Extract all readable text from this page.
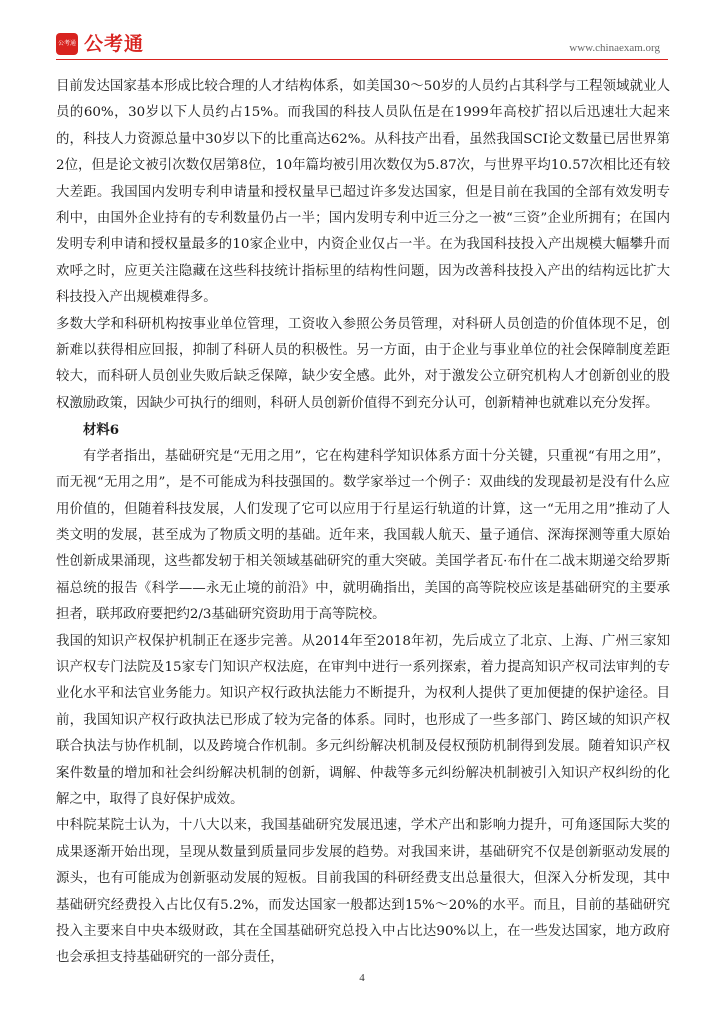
公考通 公考通	www.chinaexam.org

目前发达国家基本形成比较合理的人才结构体系，如美国30～50岁的人员约占其科学与工程领域就业人员的60%，30岁以下人员约占15%。而我国的科技人员队伍是在1999年高校扩招以后迅速壮大起来的，科技人力资源总量中30岁以下的比重高达62%。从科技产出看，虽然我国SCI论文数量已居世界第2位，但是论文被引次数仅居第8位，10年篇均被引用次数仅为5.87次，与世界平均10.57次相比还有较大差距。我国国内发明专利申请量和授权量早已超过许多发达国家，但是目前在我国的全部有效发明专利中，由国外企业持有的专利数量仍占一半；国内发明专利中近三分之一被“三资”企业所拥有；在国内发明专利申请和授权量最多的10家企业中，内资企业仅占一半。在为我国科技投入产出规模大幅攀升而欢呼之时，应更关注隐藏在这些科技统计指标里的结构性问题，因为改善科技投入产出的结构远比扩大科技投入产出规模难得多。

多数大学和科研机构按事业单位管理，工资收入参照公务员管理，对科研人员创造的价值体现不足，创新难以获得相应回报，抑制了科研人员的积极性。另一方面，由于企业与事业单位的社会保障制度差距较大，而科研人员创业失败后缺乏保障，缺少安全感。此外，对于激发公立研究机构人才创新创业的股权激励政策，因缺少可执行的细则，科研人员创新价值得不到充分认可，创新精神也就难以充分发挥。

材料6

有学者指出，基础研究是“无用之用”，它在构建科学知识体系方面十分关键，只重视“有用之用”，而无视“无用之用”，是不可能成为科技强国的。数学家举过一个例子：双曲线的发现最初是没有什么应用价值的，但随着科技发展，人们发现了它可以应用于行星运行轨道的计算，这一“无用之用”推动了人类文明的发展，甚至成为了物质文明的基础。近年来，我国载人航天、量子通信、深海探测等重大原始性创新成果涌现，这些都发轫于相关领域基础研究的重大突破。美国学者瓦·布什在二战末期递交给罗斯福总统的报告《科学——永无止境的前沿》中，就明确指出，美国的高等院校应该是基础研究的主要承担者，联邦政府要把约2/3基础研究资助用于高等院校。

我国的知识产权保护机制正在逐步完善。从2014年至2018年初，先后成立了北京、上海、广州三家知识产权专门法院及15家专门知识产权法庭，在审判中进行一系列探索，着力提高知识产权司法审判的专业化水平和法官业务能力。知识产权行政执法能力不断提升，为权利人提供了更加便捷的保护途径。目前，我国知识产权行政执法已形成了较为完备的体系。同时，也形成了一些多部门、跨区域的知识产权联合执法与协作机制，以及跨境合作机制。多元纠纷解决机制及侵权预防机制得到发展。随着知识产权案件数量的增加和社会纠纷解决机制的创新，调解、仲裁等多元纠纷解决机制被引入知识产权纠纷的化解之中，取得了良好保护成效。

中科院某院士认为，十八大以来，我国基础研究发展迅速，学术产出和影响力提升，可角逐国际大奖的成果逐渐开始出现，呈现从数量到质量同步发展的趋势。对我国来讲，基础研究不仅是创新驱动发展的源头，也有可能成为创新驱动发展的短板。目前我国的科研经费支出总量很大，但深入分析发现，其中基础研究经费投入占比仅有5.2%，而发达国家一般都达到15%～20%的水平。而且，目前的基础研究投入主要来自中央本级财政，其在全国基础研究总投入中占比达90%以上，在一些发达国家，地方政府也会承担支持基础研究的一部分责任，

4
